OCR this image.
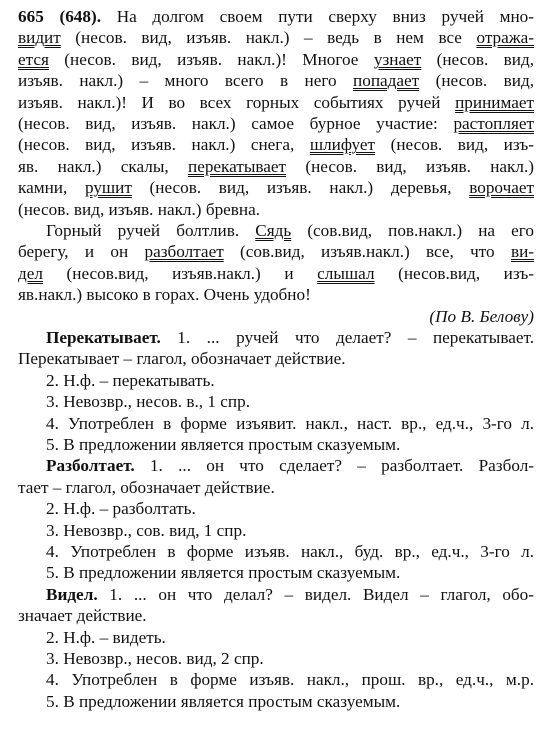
665 (648). На долгом своем пути сверху вниз ручей мно-
видит (несов. вид, изъяв. накл.) – ведь в нем все отража-
ется (несов. вид, изъяв. накл.)! Многое узнает (несов. вид,
изъяв. накл.) – много всего в него попадает (несов. вид,
изъяв. накл.)! И во всех горных событиях ручей принимает
(несов. вид, изъяв. накл.) самое бурное участие: растопляет
(несов. вид, изъяв. накл.) снега, шлифует (несов. вид, изъ-
яв. накл.) скалы, перекатывает (несов. вид, изъяв. накл.)
камни, рушит (несов. вид, изъяв. накл.) деревья, ворочает
(несов. вид, изъяв. накл.) бревна.
Горный ручей болтлив. Сядь (сов.вид, пов.накл.) на его
берегу, и он разболтает (сов.вид, изъяв.накл.) все, что ви-
дел (несов.вид, изъяв.накл.) и слышал (несов.вид, изъ-
яв.накл.) высоко в горах. Очень удобно!
(По В. Белову)
Перекатывает. 1. ... ручей что делает? – перекатывает.
Перекатывает – глагол, обозначает действие.
2. Н.ф. – перекатывать.
3. Невозвр., несов. в., 1 спр.
4. Употреблен в форме изъявит. накл., наст. вр., ед.ч., 3-го л.
5. В предложении является простым сказуемым.
Разболтает. 1. ... он что сделает? – разболтает. Разбол-
тает – глагол, обозначает действие.
2. Н.ф. – разболтать.
3. Невозвр., сов. вид, 1 спр.
4. Употреблен в форме изъяв. накл., буд. вр., ед.ч., 3-го л.
5. В предложении является простым сказуемым.
Видел. 1. ... он что делал? – видел. Видел – глагол, обо-
значает действие.
2. Н.ф. – видеть.
3. Невозвр., несов. вид, 2 спр.
4. Употреблен в форме изъяв. накл., прош. вр., ед.ч., м.р.
5. В предложении является простым сказуемым.
